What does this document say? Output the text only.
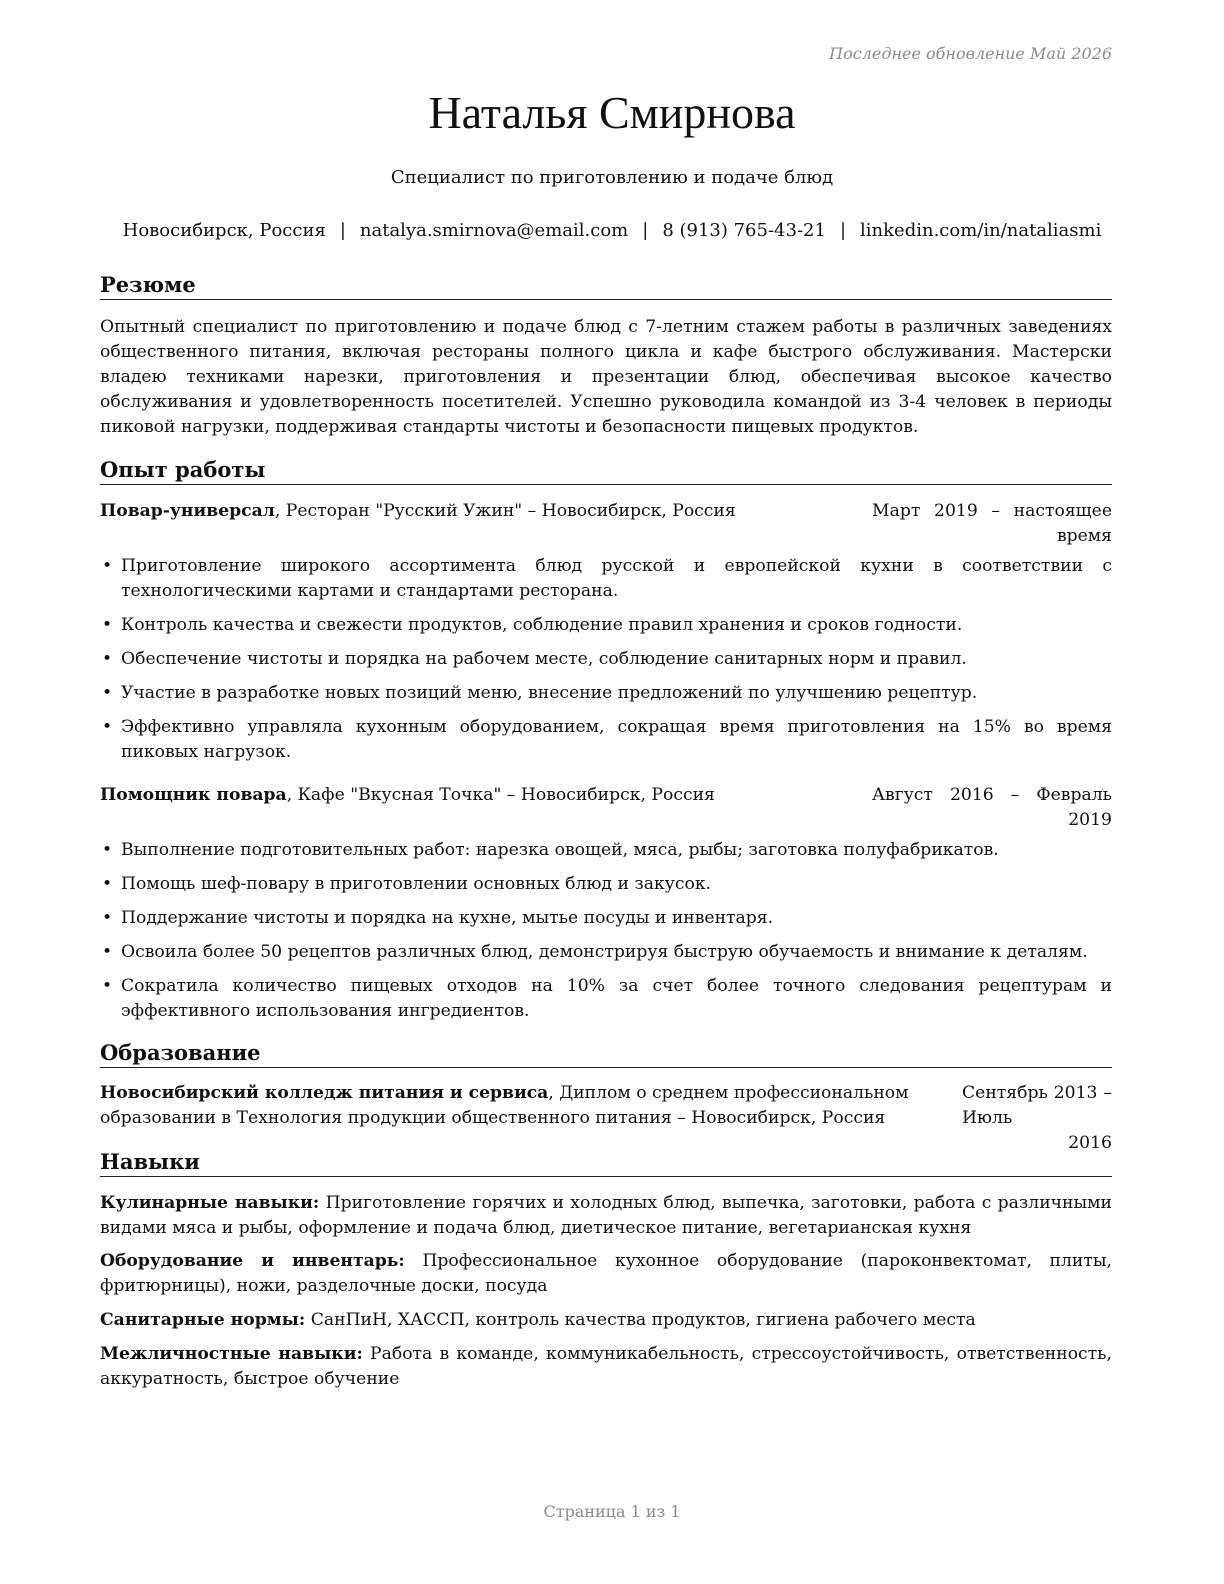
Последнее обновление Май 2026
Наталья Смирнова
Специалист по приготовлению и подаче блюд
Новосибирск, Россия | natalya.smirnova@email.com | 8 (913) 765-43-21 | linkedin.com/in/nataliasmi
Резюме
Опытный специалист по приготовлению и подаче блюд с 7-летним стажем работы в различных заведениях общественного питания, включая рестораны полного цикла и кафе быстрого обслуживания. Мастерски владею техниками нарезки, приготовления и презентации блюд, обеспечивая высокое качество обслуживания и удовлетворенность посетителей. Успешно руководила командой из 3-4 человек в периоды пиковой нагрузки, поддерживая стандарты чистоты и безопасности пищевых продуктов.
Опыт работы
Повар-универсал, Ресторан "Русский Ужин" – Новосибирск, Россия	Март 2019 – настоящее
время
• Приготовление широкого ассортимента блюд русской и европейской кухни в соответствии с технологическими картами и стандартами ресторана.
• Контроль качества и свежести продуктов, соблюдение правил хранения и сроков годности.
• Обеспечение чистоты и порядка на рабочем месте, соблюдение санитарных норм и правил.
• Участие в разработке новых позиций меню, внесение предложений по улучшению рецептур.
• Эффективно управляла кухонным оборудованием, сокращая время приготовления на 15% во время пиковых нагрузок.
Помощник повара, Кафе "Вкусная Точка" – Новосибирск, Россия	Август 2016 – Февраль
2019
• Выполнение подготовительных работ: нарезка овощей, мяса, рыбы; заготовка полуфабрикатов.
• Помощь шеф-повару в приготовлении основных блюд и закусок.
• Поддержание чистоты и порядка на кухне, мытье посуды и инвентаря.
• Освоила более 50 рецептов различных блюд, демонстрируя быструю обучаемость и внимание к деталям.
• Сократила количество пищевых отходов на 10% за счет более точного следования рецептурам и эффективного использования ингредиентов.
Образование
Новосибирский колледж питания и сервиса, Диплом о среднем профессиональном образовании в Технология продукции общественного питания – Новосибирск, Россия
Сентябрь 2013 – Июль
2016
Навыки
Кулинарные навыки: Приготовление горячих и холодных блюд, выпечка, заготовки, работа с различными видами мяса и рыбы, оформление и подача блюд, диетическое питание, вегетарианская кухня
Оборудование и инвентарь: Профессиональное кухонное оборудование (пароконвектомат, плиты, фритюрницы), ножи, разделочные доски, посуда
Санитарные нормы: СанПиН, ХАССП, контроль качества продуктов, гигиена рабочего места
Межличностные навыки: Работа в команде, коммуникабельность, стрессоустойчивость, ответственность, аккуратность, быстрое обучение
Страница 1 из 1
